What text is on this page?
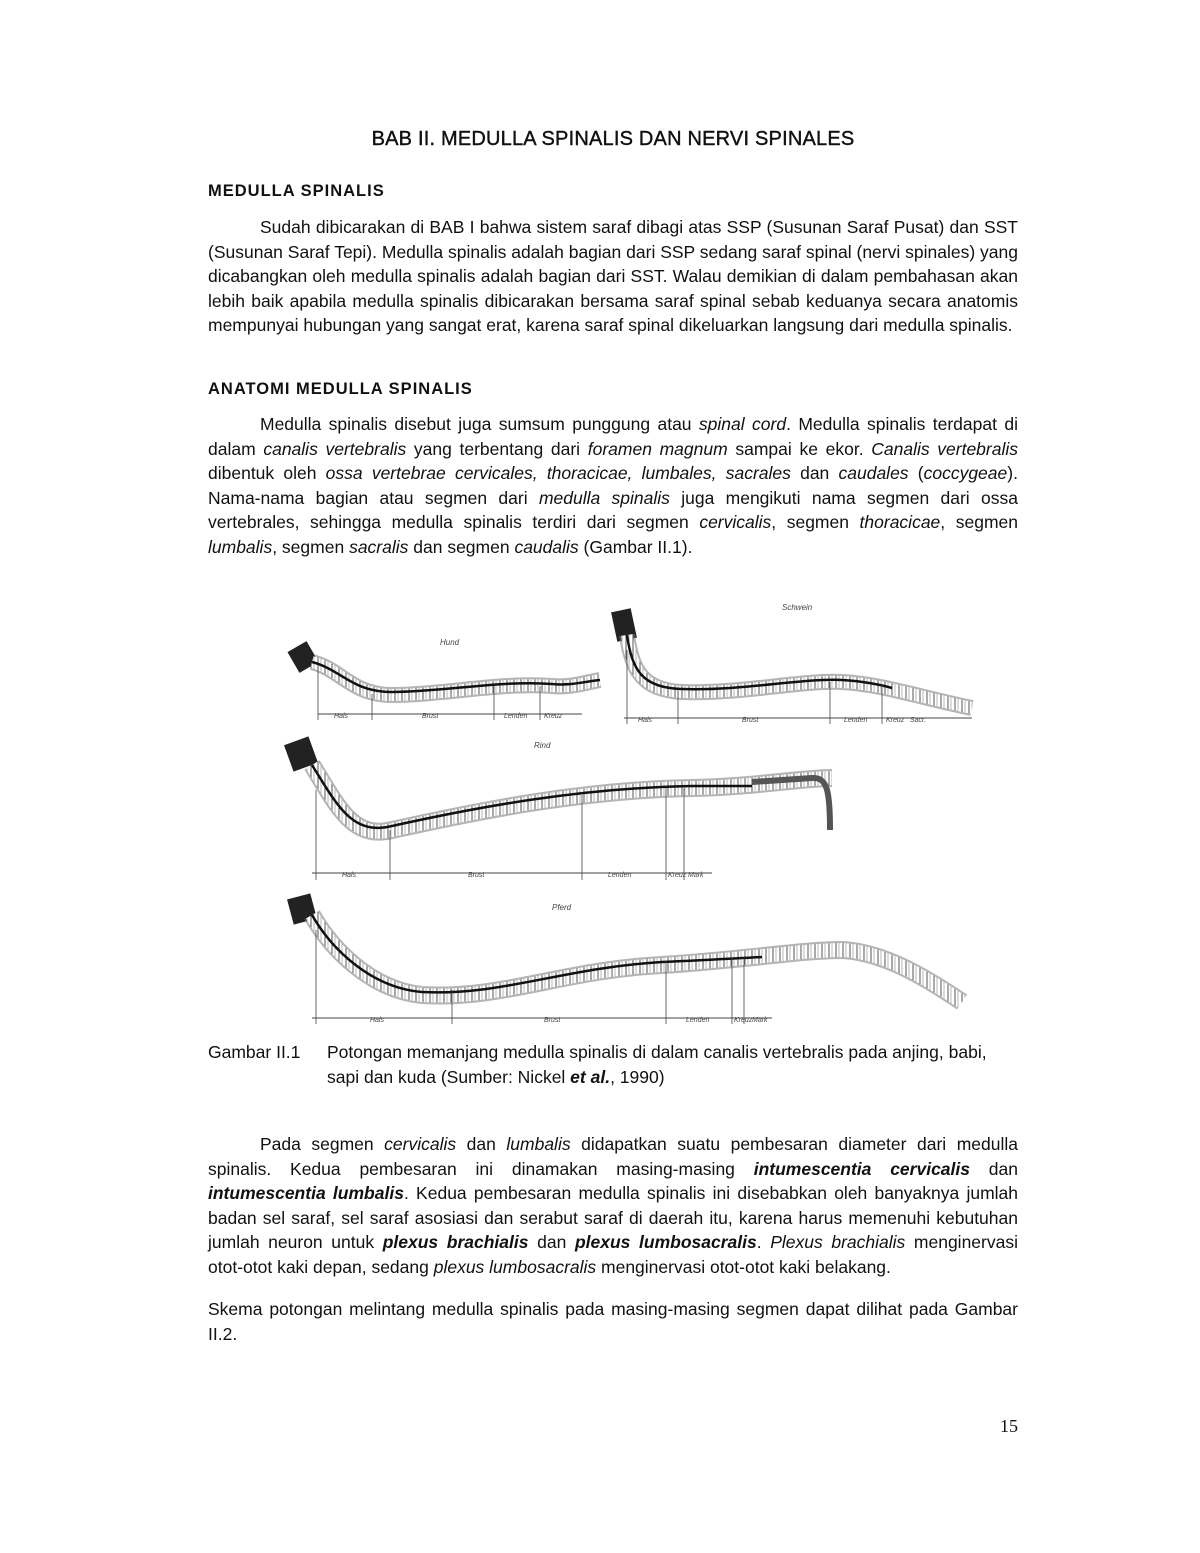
BAB II. MEDULLA SPINALIS DAN NERVI SPINALES
MEDULLA SPINALIS

Sudah dibicarakan di BAB I bahwa sistem saraf dibagi atas SSP (Susunan Saraf Pusat) dan SST (Susunan Saraf Tepi). Medulla spinalis adalah bagian dari SSP sedang saraf spinal (nervi spinales) yang dicabangkan oleh medulla spinalis adalah bagian dari SST. Walau demikian di dalam pembahasan akan lebih baik apabila medulla spinalis dibicarakan bersama saraf spinal sebab keduanya secara anatomis mempunyai hubungan yang sangat erat, karena saraf spinal dikeluarkan langsung dari medulla spinalis.

ANATOMI MEDULLA SPINALIS

Medulla spinalis disebut juga sumsum punggung atau spinal cord. Medulla spinalis terdapat di dalam canalis vertebralis yang terbentang dari foramen magnum sampai ke ekor. Canalis vertebralis dibentuk oleh ossa vertebrae cervicales, thoracicae, lumbales, sacrales dan caudales (coccygeae). Nama-nama bagian atau segmen dari medulla spinalis juga mengikuti nama segmen dari ossa vertebrales, sehingga medulla spinalis terdiri dari segmen cervicalis, segmen thoracicae, segmen lumbalis, segmen sacralis dan segmen caudalis (Gambar II.1).

Hund
Hals	Brust	Lenden Kreuz
Schwein
Hals	Brust	Lenden	Kreuz Sacr.
Rind
Hals	Brust	Lenden	Kreuz Mark
Pferd
Hals	Brust	Lenden	Kreuz Mark
Gambar II.1	Potongan memanjang medulla spinalis di dalam canalis vertebralis pada anjing, babi, sapi dan kuda (Sumber: Nickel et al., 1990)

Pada segmen cervicalis dan lumbalis didapatkan suatu pembesaran diameter dari medulla spinalis. Kedua pembesaran ini dinamakan masing-masing intumescentia cervicalis dan intumescentia lumbalis. Kedua pembesaran medulla spinalis ini disebabkan oleh banyaknya jumlah badan sel saraf, sel saraf asosiasi dan serabut saraf di daerah itu, karena harus memenuhi kebutuhan jumlah neuron untuk plexus brachialis dan plexus lumbosacralis. Plexus brachialis menginervasi otot-otot kaki depan, sedang plexus lumbosacralis menginervasi otot-otot kaki belakang.

Skema potongan melintang medulla spinalis pada masing-masing segmen dapat dilihat pada Gambar II.2.

15
